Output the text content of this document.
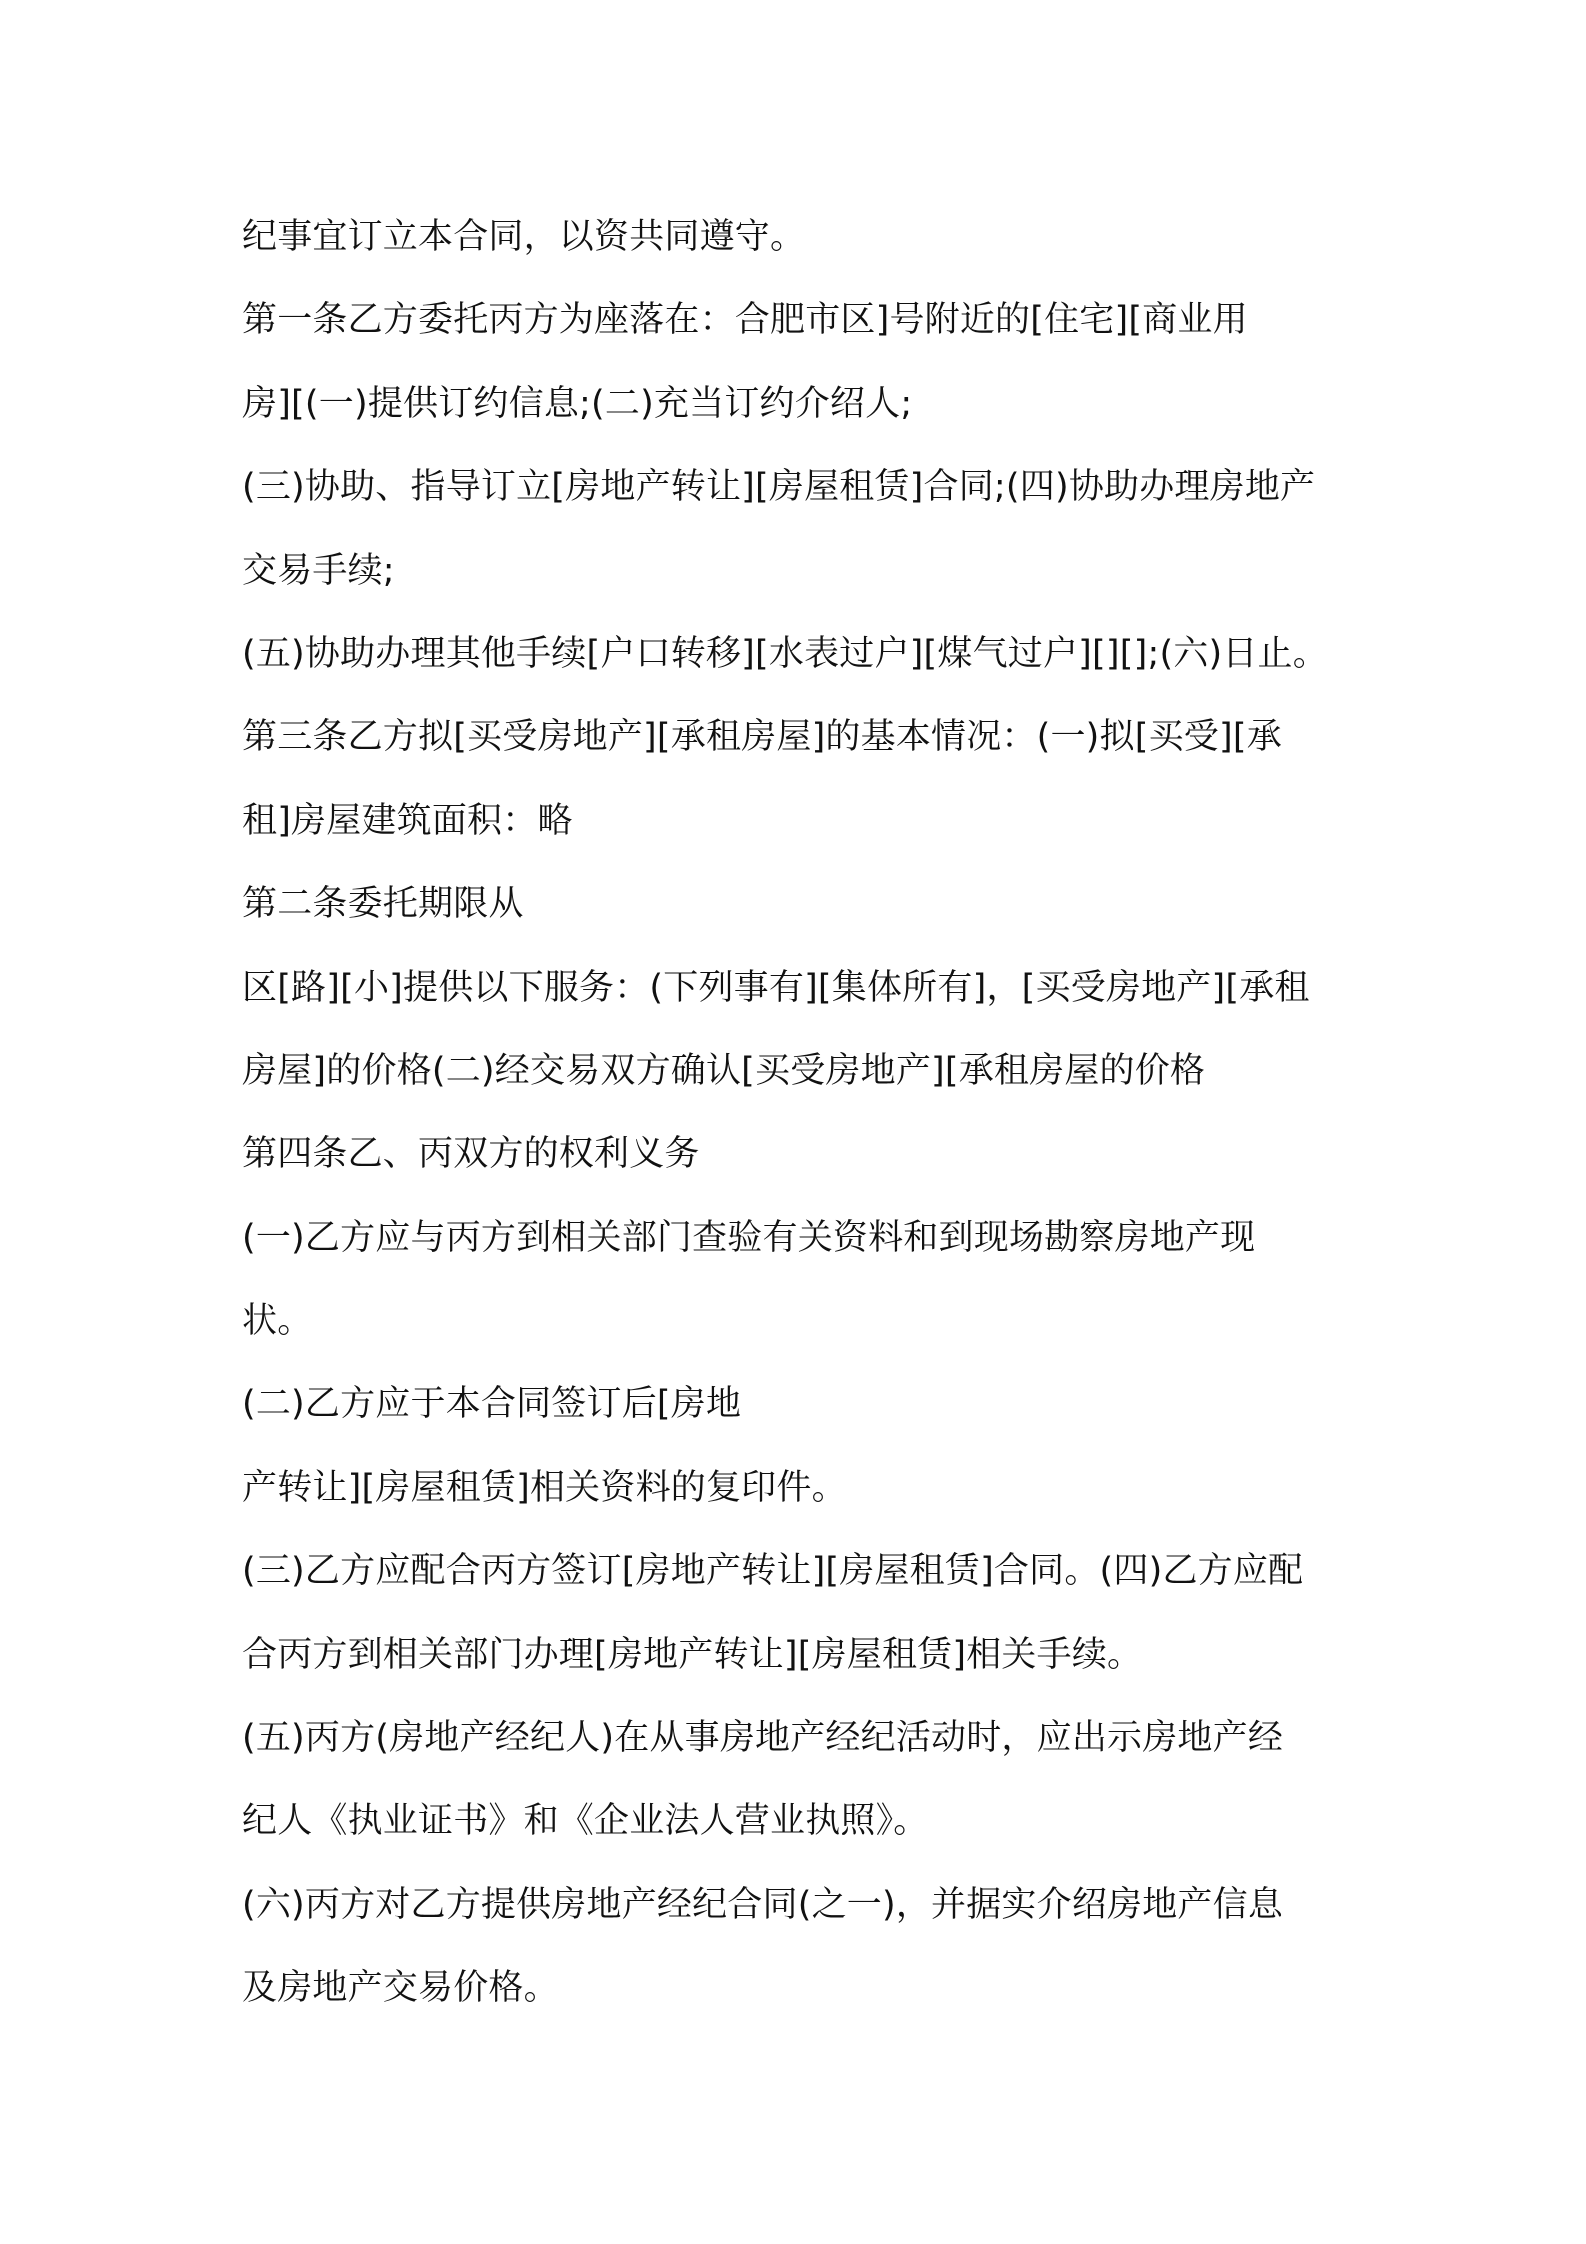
纪事宜订立本合同，以资共同遵守。
第一条乙方委托丙方为座落在：合肥市区]号附近的[住宅][商业用
房][(一)提供订约信息;(二)充当订约介绍人;
(三)协助、指导订立[房地产转让][房屋租赁]合同;(四)协助办理房地产
交易手续;
(五)协助办理其他手续[户口转移][水表过户][煤气过户][][];(六)日止。
第三条乙方拟[买受房地产][承租房屋]的基本情况：(一)拟[买受][承
租]房屋建筑面积：略
第二条委托期限从
区[路][小]提供以下服务：(下列事有][集体所有]，[买受房地产][承租
房屋]的价格(二)经交易双方确认[买受房地产][承租房屋的价格
第四条乙、丙双方的权利义务
(一)乙方应与丙方到相关部门查验有关资料和到现场勘察房地产现
状。
(二)乙方应于本合同签订后[房地
产转让][房屋租赁]相关资料的复印件。
(三)乙方应配合丙方签订[房地产转让][房屋租赁]合同。(四)乙方应配
合丙方到相关部门办理[房地产转让][房屋租赁]相关手续。
(五)丙方(房地产经纪人)在从事房地产经纪活动时，应出示房地产经
纪人《执业证书》和《企业法人营业执照》。
(六)丙方对乙方提供房地产经纪合同(之一)，并据实介绍房地产信息
及房地产交易价格。
